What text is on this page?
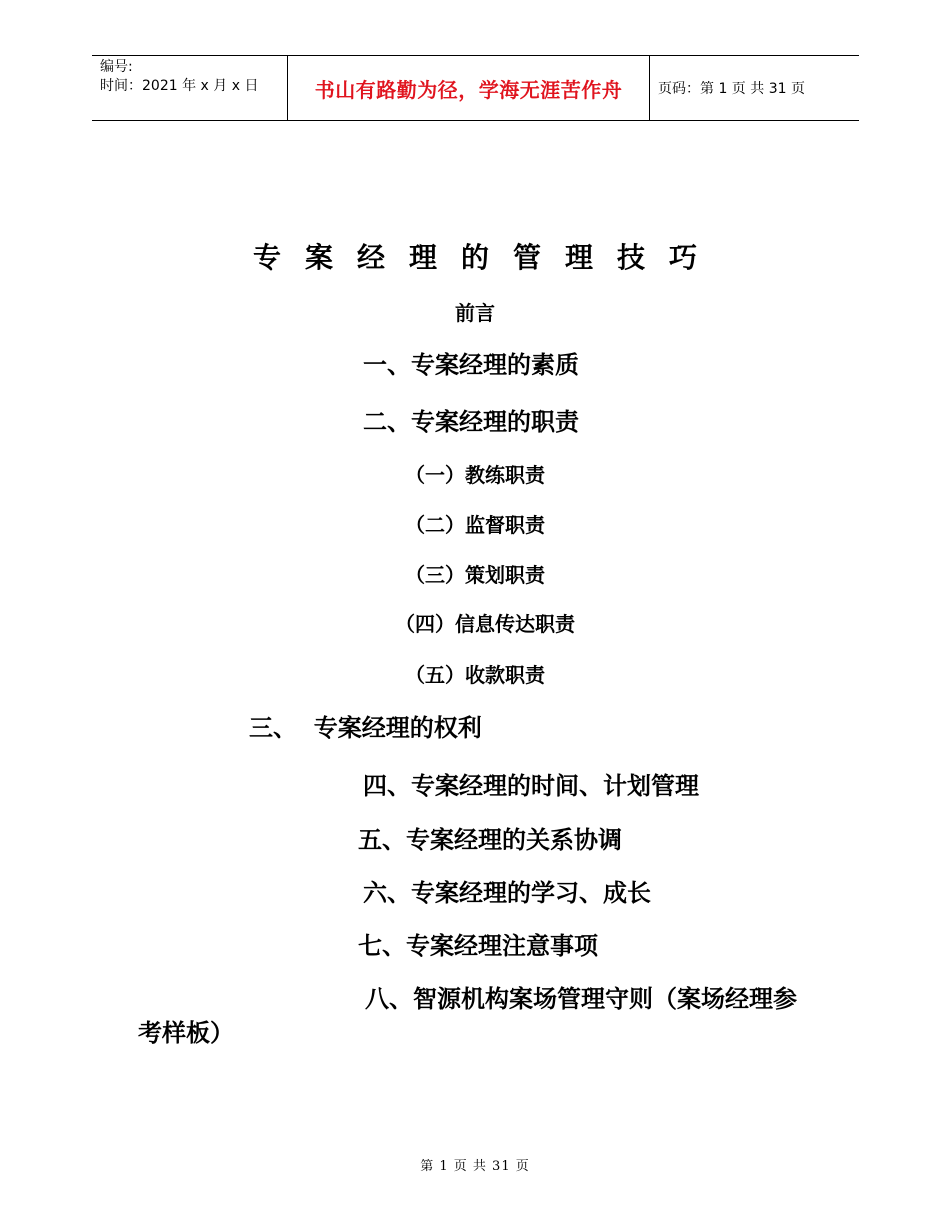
编号:
时间：2021 年 x 月 x 日	书山有路勤为径，学海无涯苦作舟	页码：第 1 页 共 31 页
专案经理的管理技巧
前言
一、专案经理的素质
二、专案经理的职责
（一）教练职责
（二）监督职责
（三）策划职责
（四）信息传达职责
（五）收款职责
三、  专案经理的权利
四、专案经理的时间、计划管理
五、专案经理的关系协调
六、专案经理的学习、成长
七、专案经理注意事项
八、智源机构案场管理守则（案场经理参考样板）
第 1 页 共 31 页
